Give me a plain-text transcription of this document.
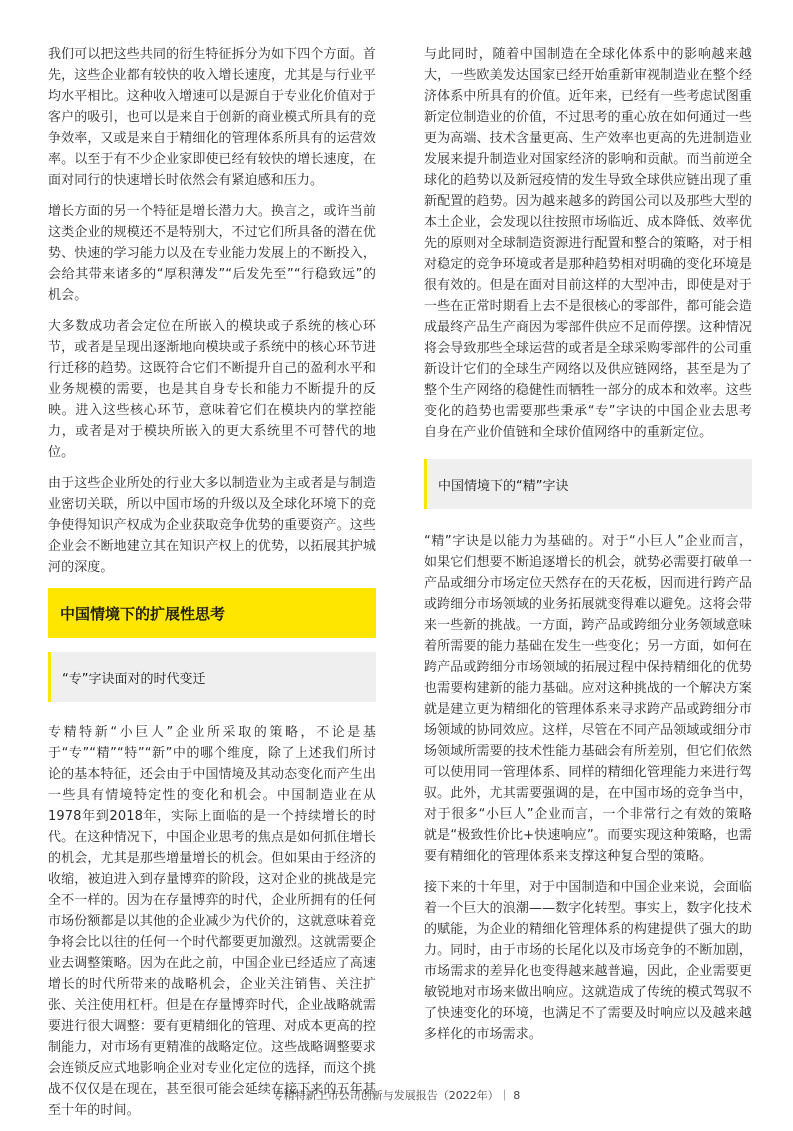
我们可以把这些共同的衍生特征拆分为如下四个方面。首先，这些企业都有较快的收入增长速度，尤其是与行业平均水平相比。这种收入增速可以是源自于专业化价值对于客户的吸引，也可以是来自于创新的商业模式所具有的竞争效率，又或是来自于精细化的管理体系所具有的运营效率。以至于有不少企业家即使已经有较快的增长速度，在面对同行的快速增长时依然会有紧迫感和压力。

增长方面的另一个特征是增长潜力大。换言之，或许当前这类企业的规模还不是特别大，不过它们所具备的潜在优势、快速的学习能力以及在专业能力发展上的不断投入，会给其带来诸多的“厚积薄发”“后发先至”“行稳致远”的机会。

大多数成功者会定位在所嵌入的模块或子系统的核心环节，或者是呈现出逐渐地向模块或子系统中的核心环节进行迁移的趋势。这既符合它们不断提升自己的盈利水平和业务规模的需要，也是其自身专长和能力不断提升的反映。进入这些核心环节，意味着它们在模块内的掌控能力，或者是对于模块所嵌入的更大系统里不可替代的地位。

由于这些企业所处的行业大多以制造业为主或者是与制造业密切关联，所以中国市场的升级以及全球化环境下的竞争使得知识产权成为企业获取竞争优势的重要资产。这些企业会不断地建立其在知识产权上的优势，以拓展其护城河的深度。

中国情境下的扩展性思考
“专”字诀面对的时代变迁

专精特新“小巨人”企业所采取的策略，不论是基于“专”“精”“特”“新”中的哪个维度，除了上述我们所讨论的基本特征，还会由于中国情境及其动态变化而产生出一些具有情境特定性的变化和机会。中国制造业在从1978年到2018年，实际上面临的是一个持续增长的时代。在这种情况下，中国企业思考的焦点是如何抓住增长的机会，尤其是那些增量增长的机会。但如果由于经济的收缩，被迫进入到存量博弈的阶段，这对企业的挑战是完全不一样的。因为在存量博弈的时代，企业所拥有的任何市场份额都是以其他的企业减少为代价的，这就意味着竞争将会比以往的任何一个时代都要更加激烈。这就需要企业去调整策略。因为在此之前，中国企业已经适应了高速增长的时代所带来的战略机会，企业关注销售、关注扩张、关注使用杠杆。但是在存量博弈时代，企业战略就需要进行很大调整：要有更精细化的管理、对成本更高的控制能力，对市场有更精准的战略定位。这些战略调整要求会连锁反应式地影响企业对专业化定位的选择，而这个挑战不仅仅是在现在，甚至很可能会延续在接下来的五年甚至十年的时间。

与此同时，随着中国制造在全球化体系中的影响越来越大，一些欧美发达国家已经开始重新审视制造业在整个经济体系中所具有的价值。近年来，已经有一些考虑试图重新定位制造业的价值，不过思考的重心放在如何通过一些更为高端、技术含量更高、生产效率也更高的先进制造业发展来提升制造业对国家经济的影响和贡献。而当前逆全球化的趋势以及新冠疫情的发生导致全球供应链出现了重新配置的趋势。因为越来越多的跨国公司以及那些大型的本土企业，会发现以往按照市场临近、成本降低、效率优先的原则对全球制造资源进行配置和整合的策略，对于相对稳定的竞争环境或者是那种趋势相对明确的变化环境是很有效的。但是在面对目前这样的大型冲击，即使是对于一些在正常时期看上去不是很核心的零部件，都可能会造成最终产品生产商因为零部件供应不足而停摆。这种情况将会导致那些全球运营的或者是全球采购零部件的公司重新设计它们的全球生产网络以及供应链网络，甚至是为了整个生产网络的稳健性而牺牲一部分的成本和效率。这些变化的趋势也需要那些秉承“专”字诀的中国企业去思考自身在产业价值链和全球价值网络中的重新定位。

中国情境下的“精”字诀

“精”字诀是以能力为基础的。对于“小巨人”企业而言，如果它们想要不断追逐增长的机会，就势必需要打破单一产品或细分市场定位天然存在的天花板，因而进行跨产品或跨细分市场领域的业务拓展就变得难以避免。这将会带来一些新的挑战。一方面，跨产品或跨细分业务领域意味着所需要的能力基础在发生一些变化；另一方面，如何在跨产品或跨细分市场领域的拓展过程中保持精细化的优势也需要构建新的能力基础。应对这种挑战的一个解决方案就是建立更为精细化的管理体系来寻求跨产品或跨细分市场领域的协同效应。这样，尽管在不同产品领域或细分市场领域所需要的技术性能力基础会有所差别，但它们依然可以使用同一管理体系、同样的精细化管理能力来进行驾驭。此外，尤其需要强调的是，在中国市场的竞争当中，对于很多“小巨人”企业而言，一个非常行之有效的策略就是“极致性价比+快速响应”。而要实现这种策略，也需要有精细化的管理体系来支撑这种复合型的策略。

接下来的十年里，对于中国制造和中国企业来说，会面临着一个巨大的浪潮——数字化转型。事实上，数字化技术的赋能，为企业的精细化管理体系的构建提供了强大的助力。同时，由于市场的长尾化以及市场竞争的不断加剧，市场需求的差异化也变得越来越普遍，因此，企业需要更敏锐地对市场来做出响应。这就造成了传统的模式驾驭不了快速变化的环境，也满足不了需要及时响应以及越来越多样化的市场需求。

专精特新上市公司创新与发展报告（2022年）｜ 8
